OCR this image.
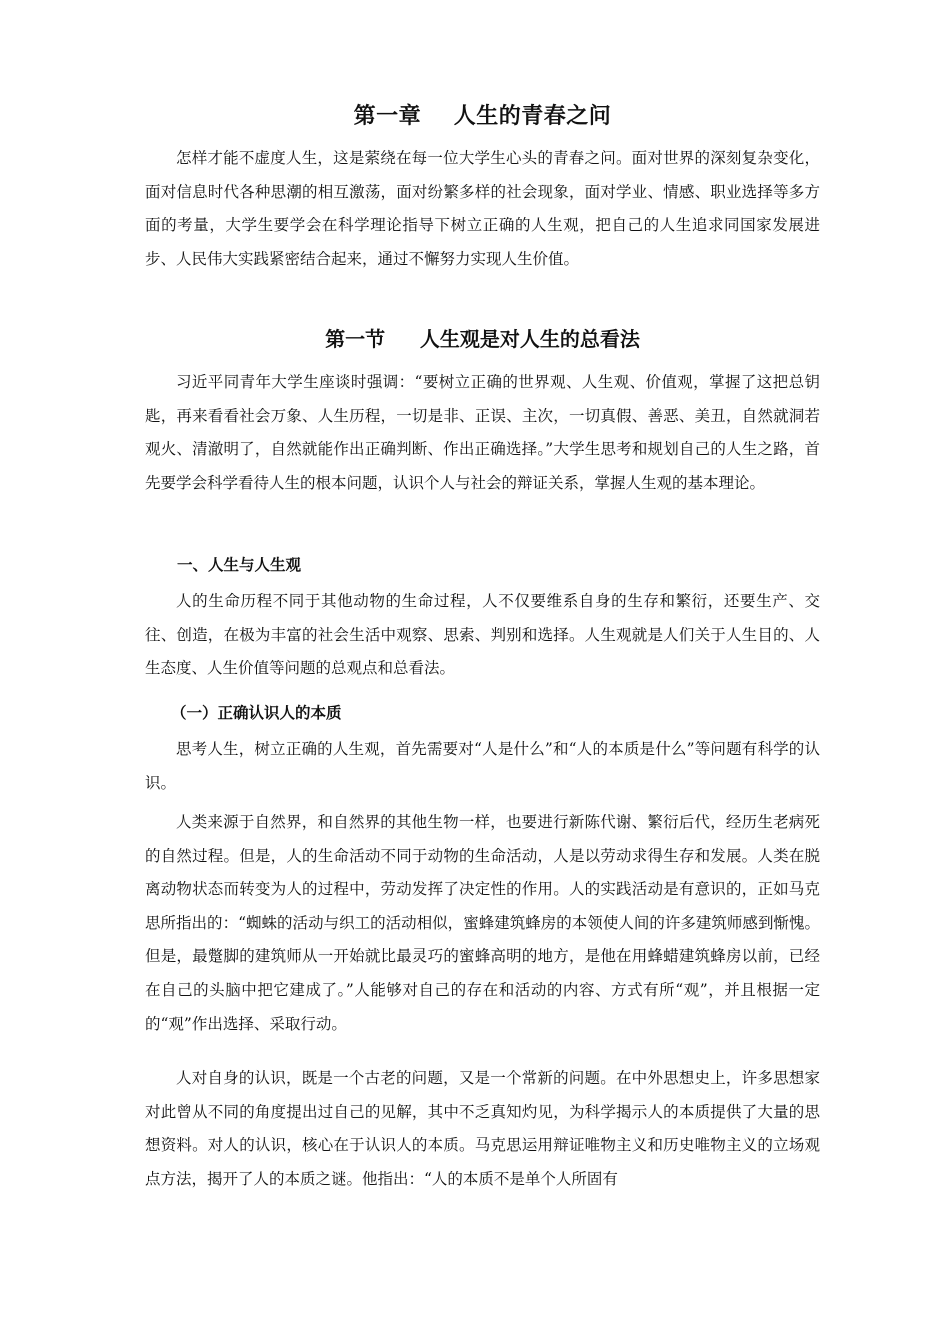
第一章    人生的青春之问

怎样才能不虚度人生，这是萦绕在每一位大学生心头的青春之问。面对世界的深刻复杂变化，面对信息时代各种思潮的相互激荡，面对纷繁多样的社会现象，面对学业、情感、职业选择等多方面的考量，大学生要学会在科学理论指导下树立正确的人生观，把自己的人生追求同国家发展进步、人民伟大实践紧密结合起来，通过不懈努力实现人生价值。

第一节     人生观是对人生的总看法

习近平同青年大学生座谈时强调：“要树立正确的世界观、人生观、价值观，掌握了这把总钥匙，再来看看社会万象、人生历程，一切是非、正误、主次，一切真假、善恶、美丑，自然就洞若观火、清澈明了，自然就能作出正确判断、作出正确选择。”大学生思考和规划自己的人生之路，首先要学会科学看待人生的根本问题，认识个人与社会的辩证关系，掌握人生观的基本理论。

一、人生与人生观

人的生命历程不同于其他动物的生命过程，人不仅要维系自身的生存和繁衍，还要生产、交往、创造，在极为丰富的社会生活中观察、思索、判别和选择。人生观就是人们关于人生目的、人生态度、人生价值等问题的总观点和总看法。

（一）正确认识人的本质

思考人生，树立正确的人生观，首先需要对“人是什么”和“人的本质是什么”等问题有科学的认识。

人类来源于自然界，和自然界的其他生物一样，也要进行新陈代谢、繁衍后代，经历生老病死的自然过程。但是，人的生命活动不同于动物的生命活动，人是以劳动求得生存和发展。人类在脱离动物状态而转变为人的过程中，劳动发挥了决定性的作用。人的实践活动是有意识的，正如马克思所指出的：“蜘蛛的活动与织工的活动相似，蜜蜂建筑蜂房的本领使人间的许多建筑师感到惭愧。但是，最蹩脚的建筑师从一开始就比最灵巧的蜜蜂高明的地方，是他在用蜂蜡建筑蜂房以前，已经在自己的头脑中把它建成了。”人能够对自己的存在和活动的内容、方式有所“观”，并且根据一定的“观”作出选择、采取行动。

人对自身的认识，既是一个古老的问题，又是一个常新的问题。在中外思想史上，许多思想家对此曾从不同的角度提出过自己的见解，其中不乏真知灼见，为科学揭示人的本质提供了大量的思想资料。对人的认识，核心在于认识人的本质。马克思运用辩证唯物主义和历史唯物主义的立场观点方法，揭开了人的本质之谜。他指出：“人的本质不是单个人所固有
